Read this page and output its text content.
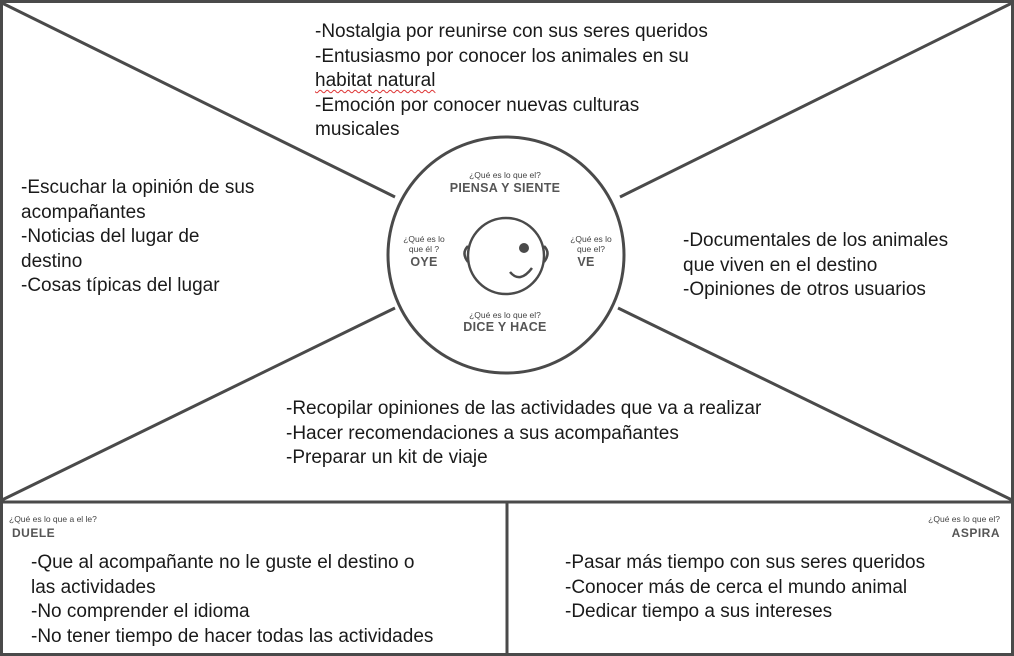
-Nostalgia por reunirse con sus seres queridos
-Entusiasmo por conocer los animales en su
habitat natural
-Emoción por conocer nuevas culturas
musicales
-Escuchar la opinión de sus
acompañantes
-Noticias del lugar de
destino
-Cosas típicas del lugar
-Documentales de los animales
que viven en el destino
-Opiniones de otros usuarios
-Recopilar opiniones de las actividades que va a realizar
-Hacer recomendaciones a sus acompañantes
-Preparar un kit de viaje
¿Qué es lo que el?
PIENSA Y SIENTE
¿Qué es lo
que él ?
OYE
¿Qué es lo
que el?
VE
¿Qué es lo que el?
DICE Y HACE
¿Qué es lo que a el le?
DUELE
-Que al acompañante no le guste el destino o
las actividades
-No comprender el idioma
-No tener tiempo de hacer todas las actividades
¿Qué es lo que el?
ASPIRA
-Pasar más tiempo con sus seres queridos
-Conocer más de cerca el mundo animal
-Dedicar tiempo a sus intereses
